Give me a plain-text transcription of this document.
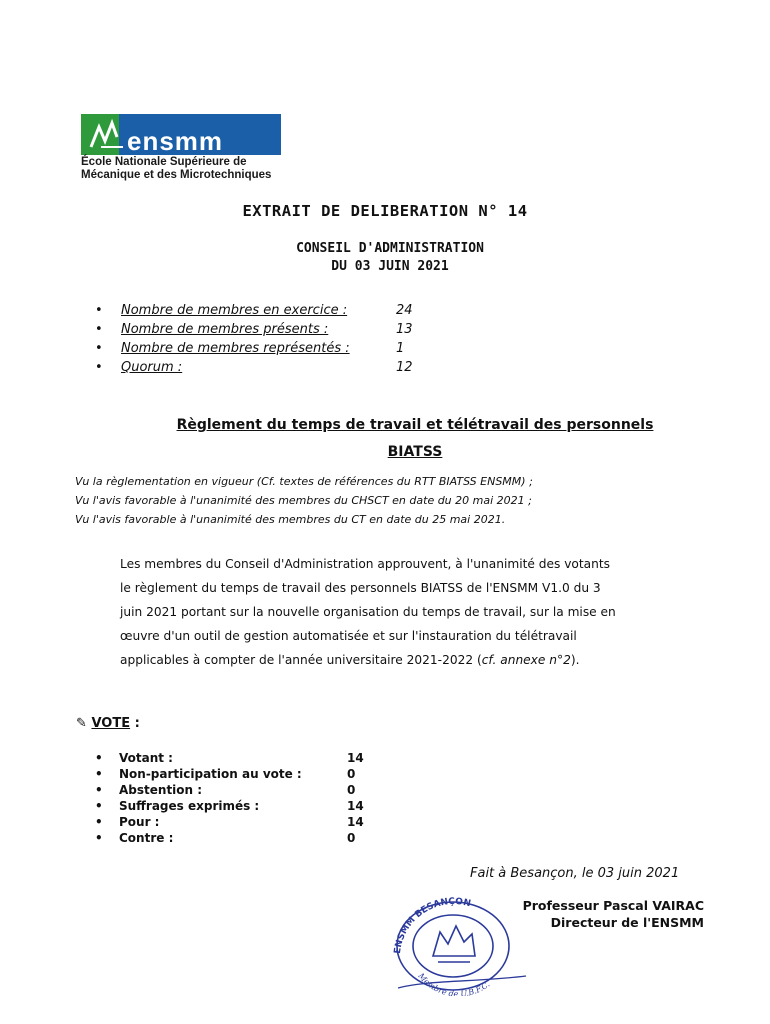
ensmm
École Nationale Supérieure de
Mécanique et des Microtechniques
EXTRAIT DE DELIBERATION N° 14
CONSEIL D'ADMINISTRATION
DU 03 JUIN 2021
• Nombre de membres en exercice :	24
• Nombre de membres présents :	13
• Nombre de membres représentés :	1
• Quorum :	12
Règlement du temps de travail et télétravail des personnels
BIATSS
Vu la règlementation en vigueur (Cf. textes de références du RTT BIATSS ENSMM) ;
Vu l'avis favorable à l'unanimité des membres du CHSCT en date du 20 mai 2021 ;
Vu l'avis favorable à l'unanimité des membres du CT en date du 25 mai 2021.
Les membres du Conseil d'Administration approuvent, à l'unanimité des votants
le règlement du temps de travail des personnels BIATSS de l'ENSMM V1.0 du 3
juin 2021 portant sur la nouvelle organisation du temps de travail, sur la mise en
œuvre d'un outil de gestion automatisée et sur l'instauration du télétravail
applicables à compter de l'année universitaire 2021-2022 (cf. annexe n°2).
✎ VOTE :
• Votant :	14
• Non-participation au vote :	0
• Abstention :	0
• Suffrages exprimés :	14
• Pour :	14
• Contre :	0
ENSMM BESANÇON
Membre de U.B.F.C.
Fait à Besançon, le 03 juin 2021
Professeur Pascal VAIRAC
Directeur de l'ENSMM
